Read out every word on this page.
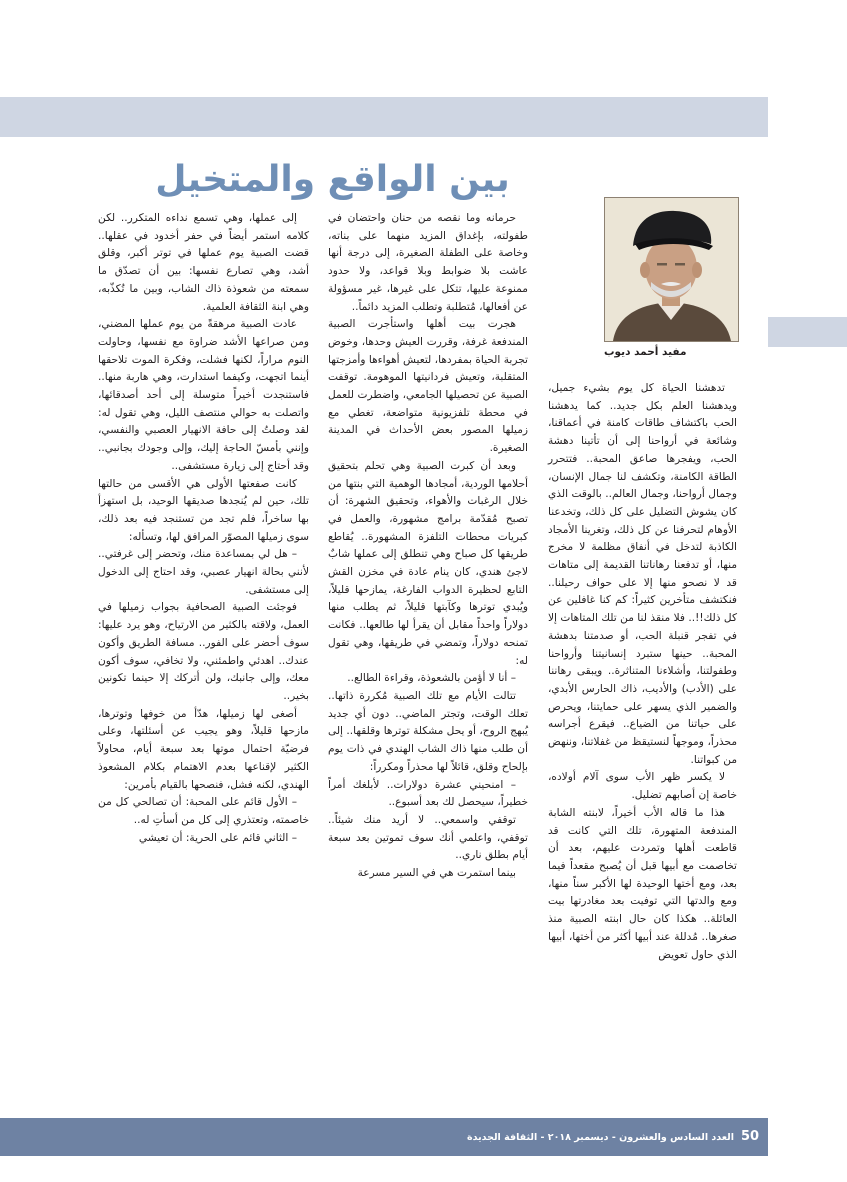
بين الواقع والمتخيل

مفيد أحمد ديوب

تدهشنا الحياة كل يوم بشيء جميل، ويدهشنا العلم بكل جديد.. كما يدهشنا الحب باكتشاف طاقات كامنة في أعماقنا، وشائعة في أرواحنا إلى أن تأتينا دهشة الحب، ويفجرها صاعق المحبة.. فتتحرر الطاقة الكامنة، وتكشف لنا جمال الإنسان، وجمال أرواحنا، وجمال العالم.. بالوقت الذي كان يشوش التضليل على كل ذلك، وتخدعنا الأوهام لتحرفنا عن كل ذلك، وتغرينا الأمجاد الكاذبة لتدخل في أنفاق مظلمة لا مخرج منها، أو تدفعنا رهاناتنا القديمة إلى متاهات قد لا نصحو منها إلا على حواف رحيلنا.. فنكتشف متأخرين كثيراً: كم كنا غافلين عن كل ذلك!!.. فلا منقذ لنا من تلك المتاهات إلا في تفجر قنبلة الحب، أو صدمتنا بدهشة المحبة.. حينها ستبرد إنسانيتنا وأرواحنا وطفولتنا، وأشلاءنا المتناثرة.. ويبقى رهاننا على (الأدب) والأديب، ذاك الحارس الأبدي، والضمير الذي يسهر على حمايتنا، ويحرص على حياتنا من الضياع.. فيقرع أجراسه محذراً، وموجهاً لنستيقظ من غفلاتنا، وننهض من كبواتنا.

لا يكسر ظهر الأب سوى آلام أولاده، خاصة إن أصابهم تضليل.

هذا ما قاله الأب أخيراً، لابنته الشابة المندفعة المتهورة، تلك التي كانت قد قاطعت أهلها وتمردت عليهم، بعد أن تخاصمت مع أبيها قبل أن يُصبح مقعداً فيما بعد، ومع أختها الوحيدة لها الأكبر سناً منها، ومع والدتها التي توفيت بعد مغادرتها بيت العائلة.. هكذا كان حال ابنته الصبية منذ صغرها.. مُدللة عند أبيها أكثر من أختها، أبيها الذي حاول تعويض

حرمانه وما نقصه من حنان واحتضان في طفولته، بإغداق المزيد منهما على بناته، وخاصة على الطفلة الصغيرة، إلى درجة أنها عاشت بلا ضوابط وبلا قواعد، ولا حدود ممنوعة عليها، تتكل على غيرها، غير مسؤولة عن أفعالها، مُتطلبة وتطلب المزيد دائماً..

هجرت بيت أهلها واستأجرت الصبية المندفعة غرفة، وقررت العيش وحدها، وخوض تجربة الحياة بمفردها، لتعيش أهواءها وأمزجتها المتقلبة، وتعيش فردانيتها الموهومة. توقفت الصبية عن تحصيلها الجامعي، واضطرت للعمل في محطة تلفزيونية متواضعة، تغطي مع زميلها المصور بعض الأحداث في المدينة الصغيرة.

وبعد أن كبرت الصبية وهي تحلم بتحقيق أحلامها الوردية، أمجادها الوهمية التي بنتها من خلال الرغبات والأهواء، وتحقيق الشهرة: أن تصبح مُقدّمة برامج مشهورة، والعمل في كبريات محطات التلفزة المشهورة.. يُقاطع طريقها كل صباح وهي تنطلق إلى عملها شابٌ لاجئ هندي، كان ينام عادة في مخزن القش التابع لحظيرة الدواب الفارغة، يمازحها قليلاً، ويُبدي توترها وكآبتها قليلاً، ثم يطلب منها دولاراً واحداً مقابل أن يقرأ لها طالعها.. فكانت تمنحه دولاراً، وتمضي في طريقها، وهي تقول له:

– أنا لا أؤمن بالشعوذة، وقراءة الطالع..

تتالت الأيام مع تلك الصبية مُكررة ذاتها.. تعلك الوقت، وتجتر الماضي.. دون أي جديد يُبهج الروح، أو يحل مشكلة توترها وقلقها.. إلى أن طلب منها ذاك الشاب الهندي في ذات يوم بإلحاح وقلق، قائلاً لها محذراً ومكرراً:

– امنحيني عشرة دولارات.. لأبلغك أمراً خطيراً، سيحصل لك بعد أسبوع..

توقفي واسمعي.. لا أريد منك شيئاً.. توقفي، واعلمي أنك سوف تموتين بعد سبعة أيام بطلق ناري..

بينما استمرت هي في السير مسرعة

إلى عملها، وهي تسمع نداءه المتكرر.. لكن كلامه استمر أيضاً في حفر أخدود في عقلها.. قضت الصبية يوم عملها في توتر أكبر، وقلق أشد، وهي تصارع نفسها: بين أن تصدّق ما سمعته من شعوذة ذاك الشاب، وبين ما تُكذّبه، وهي ابنة الثقافة العلمية.

عادت الصبية مرهقةً من يوم عملها المضني، ومن صراعها الأشد ضراوة مع نفسها، وحاولت النوم مراراً، لكنها فشلت، وفكرة الموت تلاحقها أينما اتجهت، وكيفما استدارت، وهي هاربة منها.. فاستنجدت أخيراً متوسلة إلى أحد أصدقائها، واتصلت به حوالي منتصف الليل، وهي تقول له: لقد وصلتُ إلى حافة الانهيار العصبي والنفسي، وإنني بأمسّ الحاجة إليك، وإلى وجودك بجانبي.. وقد أحتاج إلى زيارة مستشفى..

كانت صفعتها الأولى هي الأقسى من حالتها تلك، حين لم يُنجدها صديقها الوحيد، بل استهزأ بها ساخراً، فلم تجد من تستنجد فيه بعد ذلك، سوى زميلها المصوّر المرافق لها، وتسأله:

– هل لي بمساعدة منك، وتحضر إلى غرفتي.. لأنني بحالة انهيار عصبي، وقد احتاج إلى الدخول إلى مستشفى.

فوجئت الصبية الصحافية بجواب زميلها في العمل، ولاقته بالكثير من الارتياح، وهو يرد عليها: سوف أحضر على الفور.. مسافة الطريق وأكون عندك.. اهدئي واطمئني، ولا تخافي، سوف أكون معك، وإلى جانبك، ولن أتركك إلا حينما تكونين بخير..

أصغى لها زميلها، هدّأ من خوفها وتوترها، مازحها قليلاً، وهو يجيب عن أسئلتها، وعلى فرضيّة احتمال موتها بعد سبعة أيام، محاولاً الكثير لإقناعها بعدم الاهتمام بكلام المشعوذ الهندي، لكنه فشل، فنصحها بالقيام بأمرين:

– الأول قائم على المحبة: أن تصالحي كل من خاصمته، وتعتذري إلى كل من أسأتِ له..

– الثاني قائم على الحرية: أن تعيشي

العدد السادس والعشرون - ديسمبر ٢٠١٨ - الثقافة الجديدة 50
